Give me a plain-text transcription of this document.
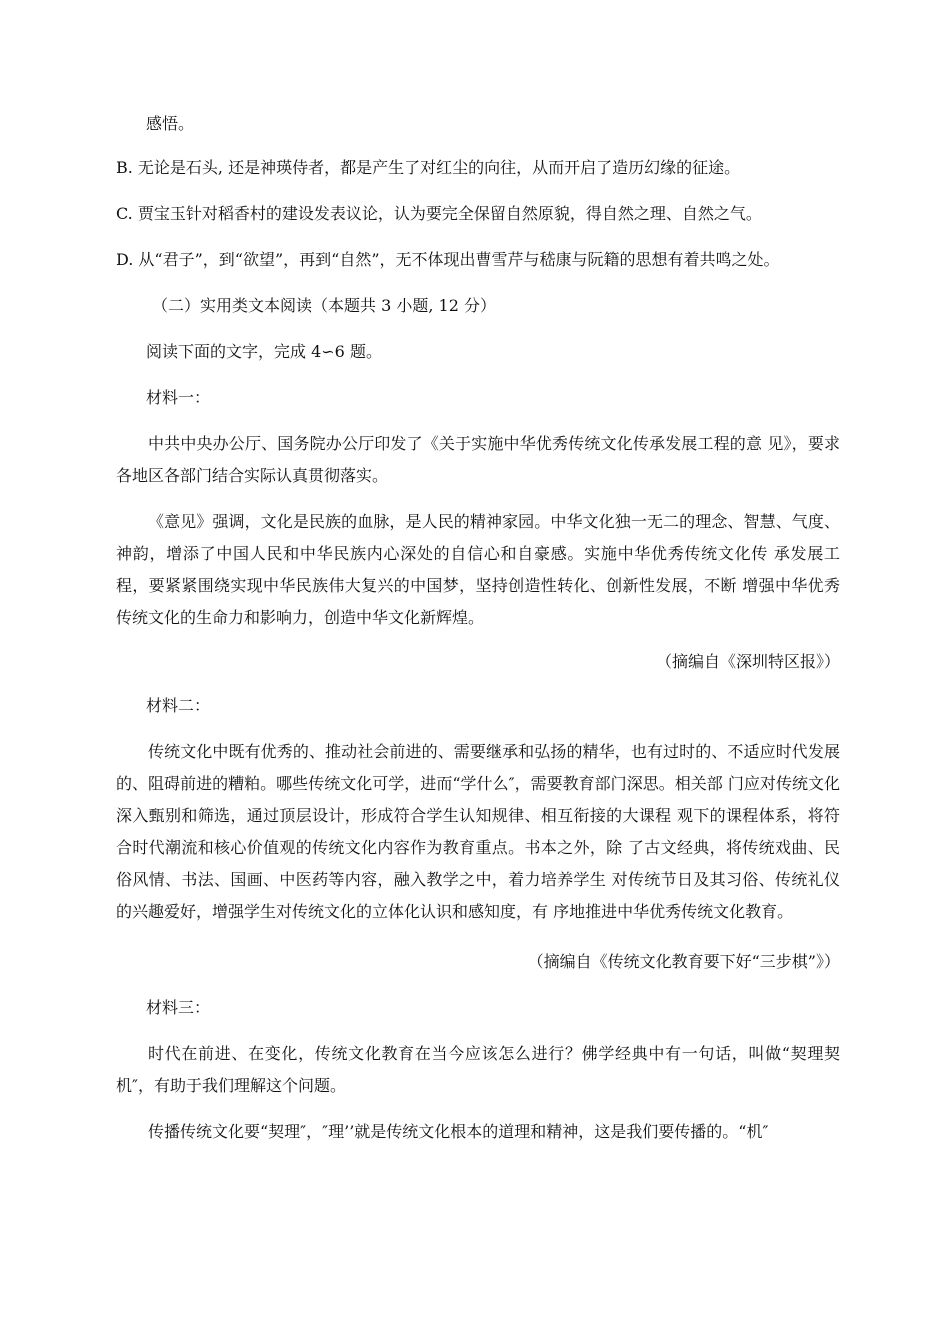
感悟。

B. 无论是石头, 还是神瑛侍者，都是产生了对红尘的向往，从而开启了造历幻缘的征途。

C. 贾宝玉针对稻香村的建设发表议论，认为要完全保留自然原貌，得自然之理、自然之气。

D. 从“君子”，到“欲望”，再到“自然”，无不体现出曹雪芹与嵇康与阮籍的思想有着共鸣之处。

（二）实用类文本阅读（本题共 3 小题, 12 分）

阅读下面的文字，完成 4∽6 题。

材料一：

中共中央办公厅、国务院办公厅印发了《关于实施中华优秀传统文化传承发展工程的意 见》，要求各地区各部门结合实际认真贯彻落实。

《意见》强调，文化是民族的血脉，是人民的精神家园。中华文化独一无二的理念、智慧、气度、神韵，增添了中国人民和中华民族内心深处的自信心和自豪感。实施中华优秀传统文化传 承发展工程，要紧紧围绕实现中华民族伟大复兴的中国梦，坚持创造性转化、创新性发展，不断 增强中华优秀传统文化的生命力和影响力，创造中华文化新辉煌。

（摘编自《深圳特区报》）

材料二：

传统文化中既有优秀的、推动社会前进的、需要继承和弘扬的精华，也有过时的、不适应时代发展的、阻碍前进的糟粕。哪些传统文化可学，进而“学什么″，需要教育部门深思。相关部 门应对传统文化深入甄别和筛选，通过顶层设计，形成符合学生认知规律、相互衔接的大课程 观下的课程体系，将符合时代潮流和核心价值观的传统文化内容作为教育重点。书本之外，除 了古文经典，将传统戏曲、民俗风情、书法、国画、中医药等内容，融入教学之中，着力培养学生 对传统节日及其习俗、传统礼仪的兴趣爱好，增强学生对传统文化的立体化认识和感知度，有 序地推进中华优秀传统文化教育。

（摘编自《传统文化教育要下好“三步棋”》）

材料三：

时代在前进、在变化，传统文化教育在当今应该怎么进行？佛学经典中有一句话，叫做“契理契机″，有助于我们理解这个问题。

传播传统文化要“契理″，″理’’就是传统文化根本的道理和精神，这是我们要传播的。“机″
